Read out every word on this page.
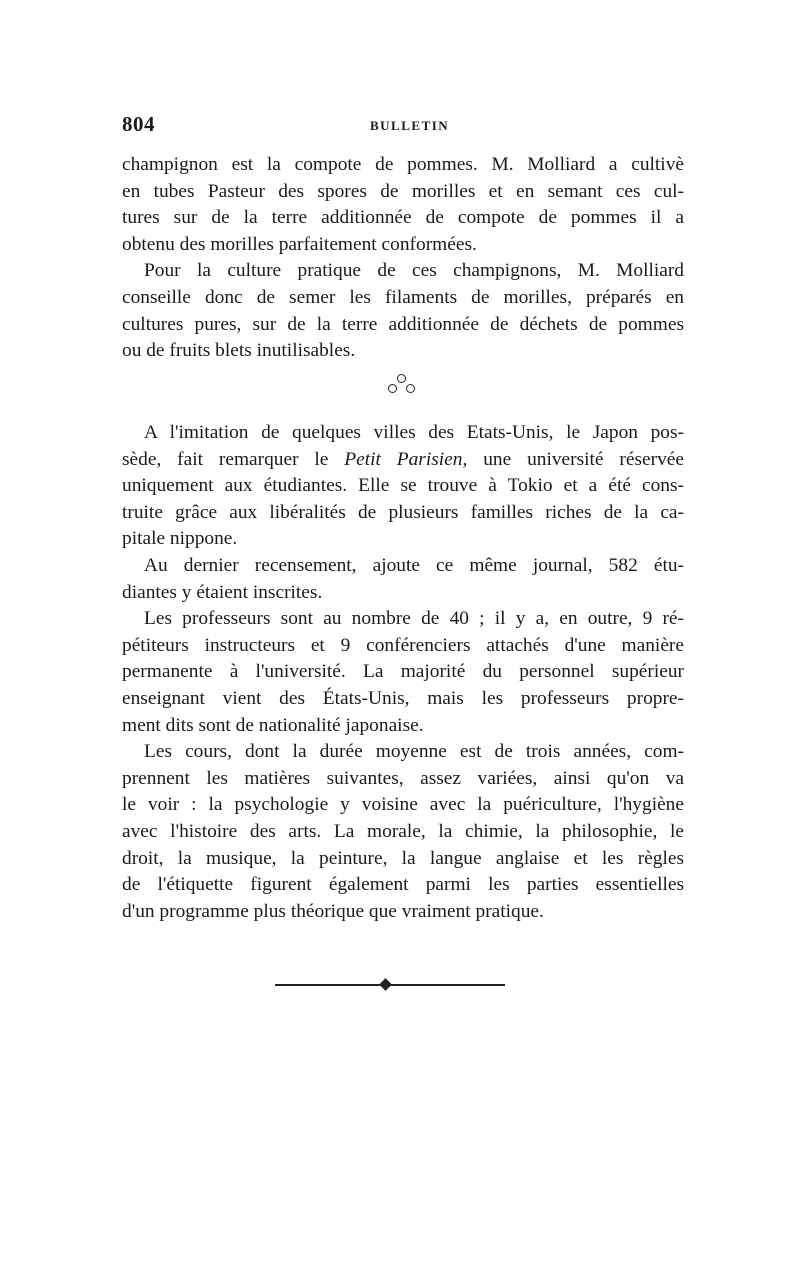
804	BULLETIN
champignon est la compote de pommes. M. Molliard a cultivè
en tubes Pasteur des spores de morilles et en semant ces cul-
tures sur de la terre additionnée de compote de pommes il a
obtenu des morilles parfaitement conformées.
Pour la culture pratique de ces champignons, M. Molliard
conseille donc de semer les filaments de morilles, préparés en
cultures pures, sur de la terre additionnée de déchets de pommes
ou de fruits blets inutilisables.
A l'imitation de quelques villes des Etats-Unis, le Japon pos-
sède, fait remarquer le Petit Parisien, une université réservée
uniquement aux étudiantes. Elle se trouve à Tokio et a été cons-
truite grâce aux libéralités de plusieurs familles riches de la ca-
pitale nippone.
Au dernier recensement, ajoute ce même journal, 582 étu-
diantes y étaient inscrites.
Les professeurs sont au nombre de 40 ; il y a, en outre, 9 ré-
pétiteurs instructeurs et 9 conférenciers attachés d'une manière
permanente à l'université. La majorité du personnel supérieur
enseignant vient des États-Unis, mais les professeurs propre-
ment dits sont de nationalité japonaise.
Les cours, dont la durée moyenne est de trois années, com-
prennent les matières suivantes, assez variées, ainsi qu'on va
le voir : la psychologie y voisine avec la puériculture, l'hygiène
avec l'histoire des arts. La morale, la chimie, la philosophie, le
droit, la musique, la peinture, la langue anglaise et les règles
de l'étiquette figurent également parmi les parties essentielles
d'un programme plus théorique que vraiment pratique.
